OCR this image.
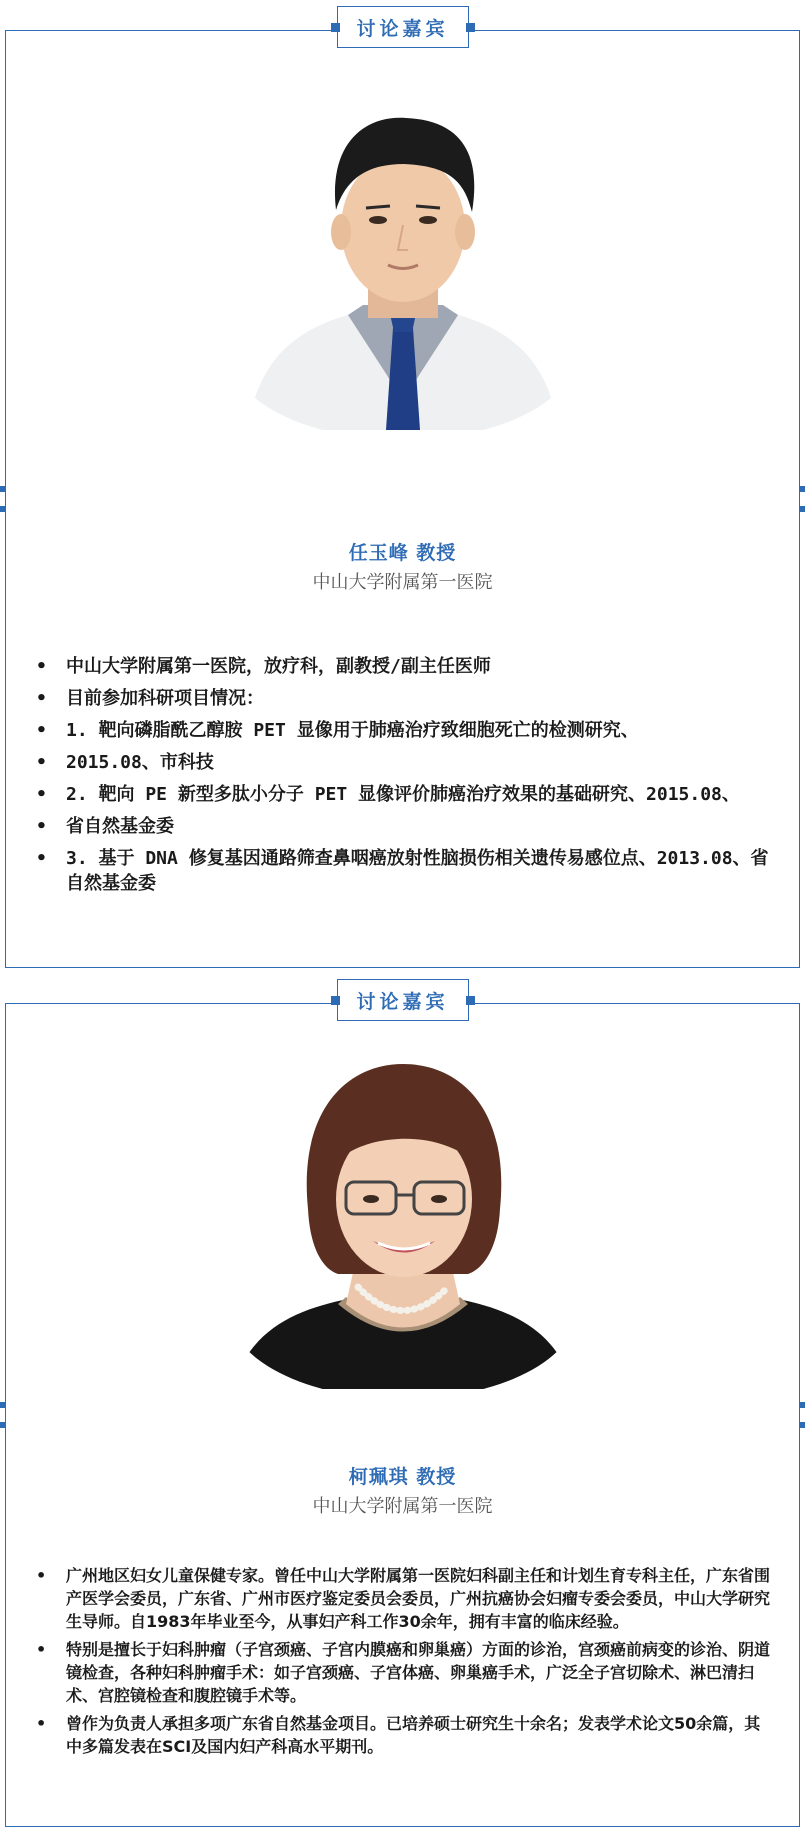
讨论嘉宾
任玉峰 教授
中山大学附属第一医院
• 中山大学附属第一医院，放疗科，副教授/副主任医师
• 目前参加科研项目情况：
• 1. 靶向磷脂酰乙醇胺 PET 显像用于肺癌治疗致细胞死亡的检测研究、
• 2015.08、市科技
• 2. 靶向 PE 新型多肽小分子 PET 显像评价肺癌治疗效果的基础研究、2015.08、
• 省自然基金委
• 3. 基于 DNA 修复基因通路筛查鼻咽癌放射性脑损伤相关遗传易感位点、2013.08、省自然基金委
讨论嘉宾
柯珮琪 教授
中山大学附属第一医院
• 广州地区妇女儿童保健专家。曾任中山大学附属第一医院妇科副主任和计划生育专科主任，广东省围产医学会委员，广东省、广州市医疗鉴定委员会委员，广州抗癌协会妇瘤专委会委员，中山大学研究生导师。自1983年毕业至今，从事妇产科工作30余年，拥有丰富的临床经验。
• 特别是擅长于妇科肿瘤（子宫颈癌、子宫内膜癌和卵巢癌）方面的诊治，宫颈癌前病变的诊治、阴道镜检查，各种妇科肿瘤手术：如子宫颈癌、子宫体癌、卵巢癌手术，广泛全子宫切除术、淋巴清扫术、宫腔镜检查和腹腔镜手术等。
• 曾作为负责人承担多项广东省自然基金项目。已培养硕士研究生十余名；发表学术论文50余篇，其中多篇发表在SCI及国内妇产科高水平期刊。
